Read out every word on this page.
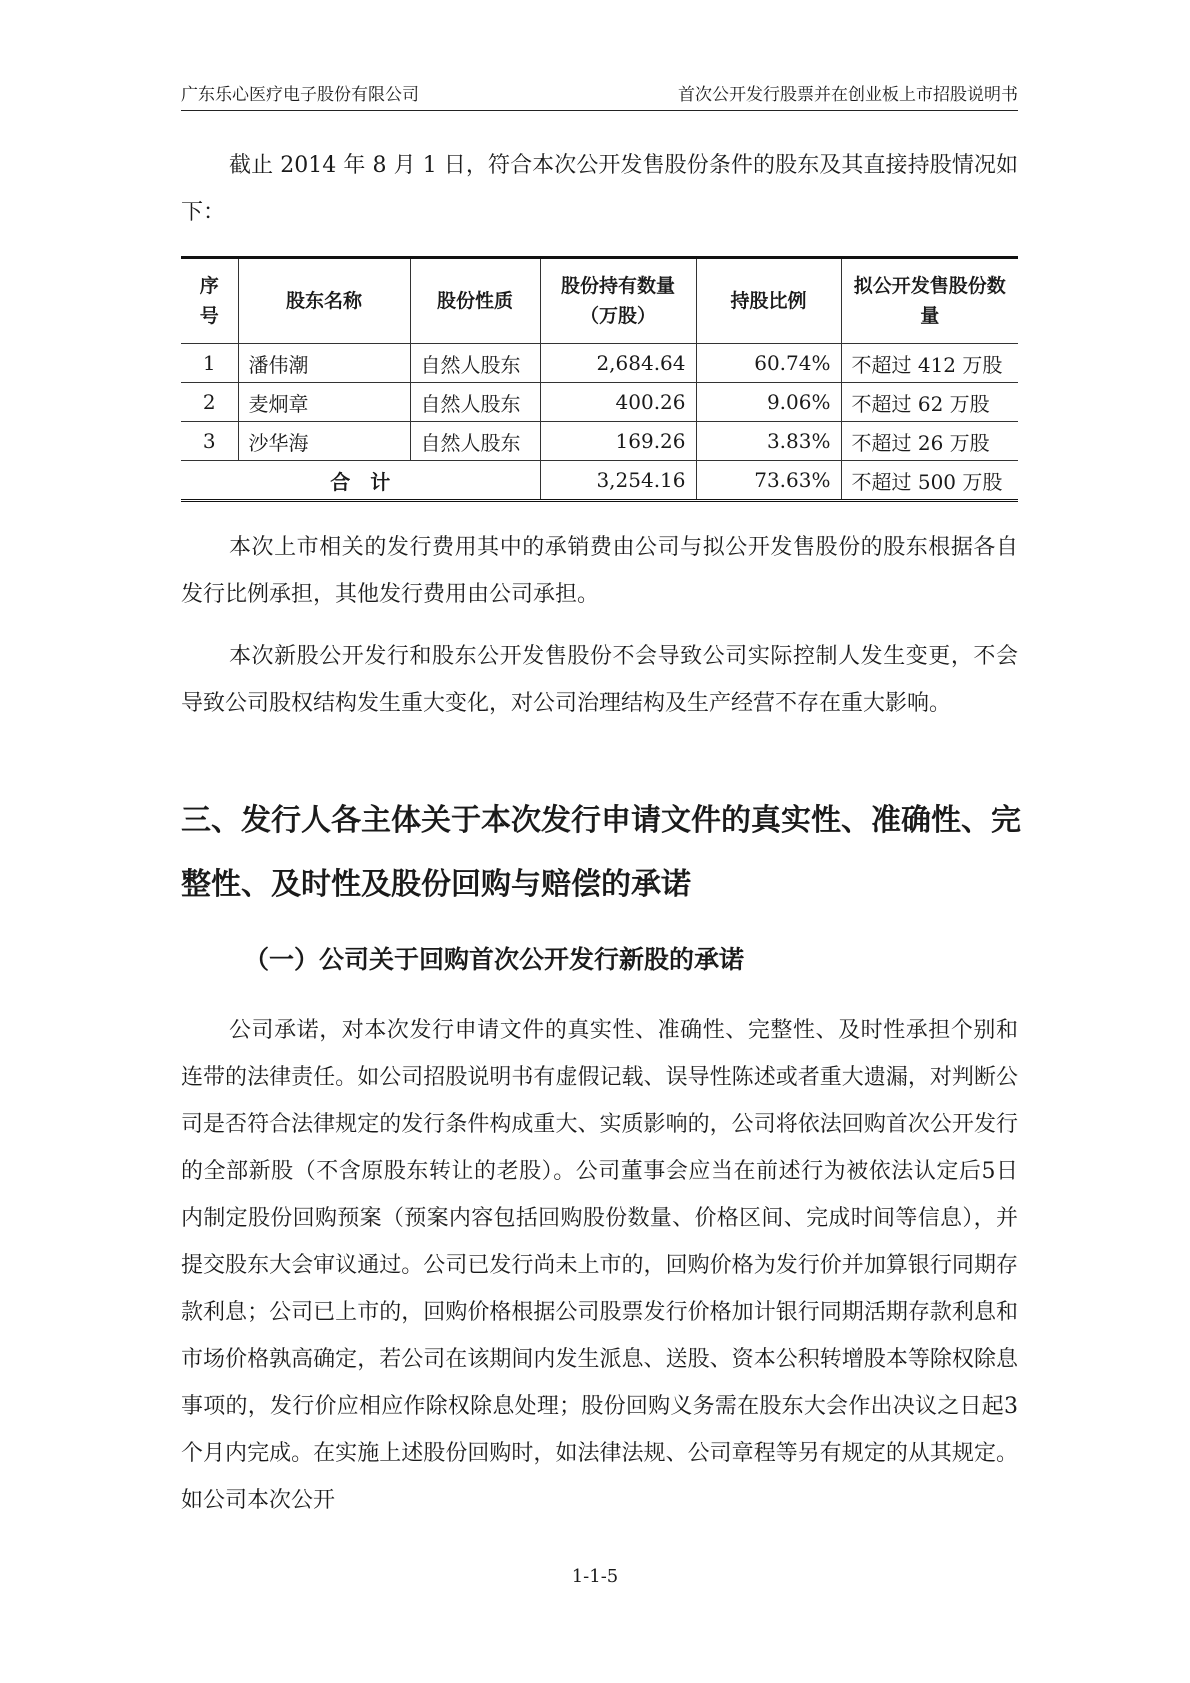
广东乐心医疗电子股份有限公司	首次公开发行股票并在创业板上市招股说明书

截止 2014 年 8 月 1 日，符合本次公开发售股份条件的股东及其直接持股情况如下：

序号	股东名称	股份性质	股份持有数量（万股）	持股比例	拟公开发售股份数量
1	潘伟潮	自然人股东	2,684.64	60.74%	不超过 412 万股
2	麦炯章	自然人股东	400.26	9.06%	不超过 62 万股
3	沙华海	自然人股东	169.26	3.83%	不超过 26 万股
合　计			3,254.16	73.63%	不超过 500 万股

本次上市相关的发行费用其中的承销费由公司与拟公开发售股份的股东根据各自发行比例承担，其他发行费用由公司承担。

本次新股公开发行和股东公开发售股份不会导致公司实际控制人发生变更，不会导致公司股权结构发生重大变化，对公司治理结构及生产经营不存在重大影响。

三、发行人各主体关于本次发行申请文件的真实性、准确性、完整性、及时性及股份回购与赔偿的承诺
（一）公司关于回购首次公开发行新股的承诺

公司承诺，对本次发行申请文件的真实性、准确性、完整性、及时性承担个别和连带的法律责任。如公司招股说明书有虚假记载、误导性陈述或者重大遗漏，对判断公司是否符合法律规定的发行条件构成重大、实质影响的，公司将依法回购首次公开发行的全部新股（不含原股东转让的老股）。公司董事会应当在前述行为被依法认定后5日内制定股份回购预案（预案内容包括回购股份数量、价格区间、完成时间等信息），并提交股东大会审议通过。公司已发行尚未上市的，回购价格为发行价并加算银行同期存款利息；公司已上市的，回购价格根据公司股票发行价格加计银行同期活期存款利息和市场价格孰高确定，若公司在该期间内发生派息、送股、资本公积转增股本等除权除息事项的，发行价应相应作除权除息处理；股份回购义务需在股东大会作出决议之日起3个月内完成。在实施上述股份回购时，如法律法规、公司章程等另有规定的从其规定。如公司本次公开

1-1-5
